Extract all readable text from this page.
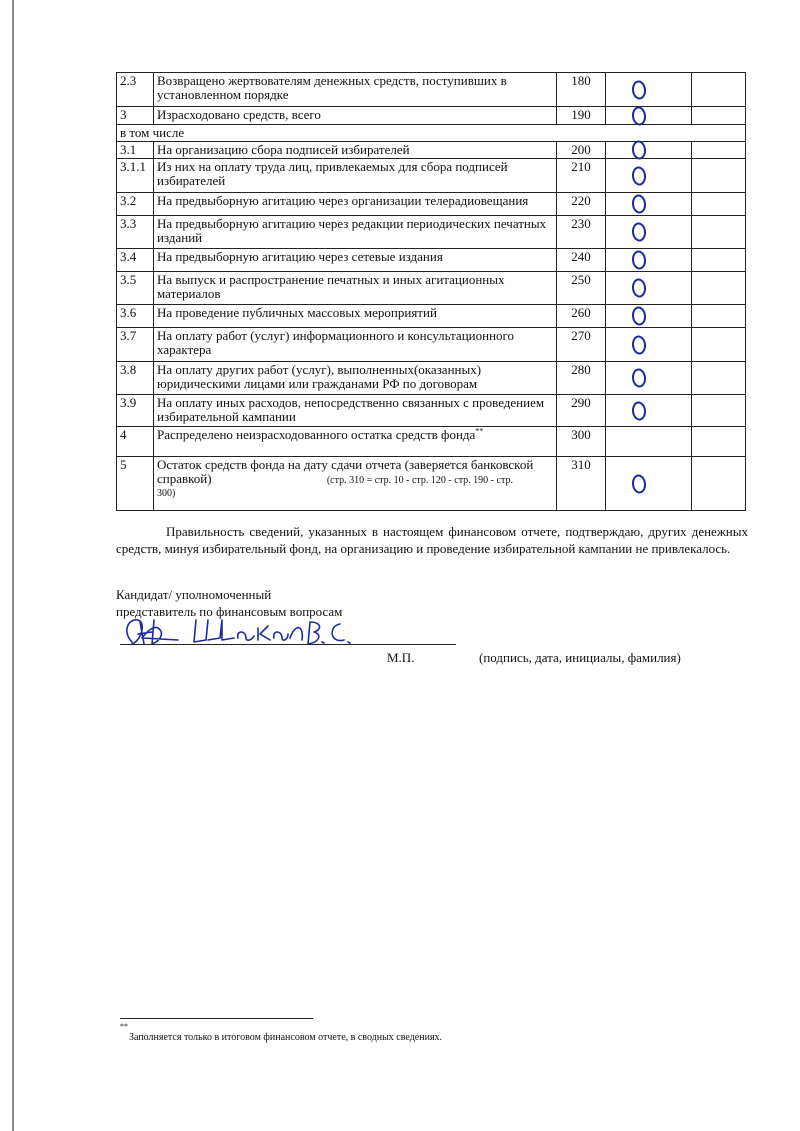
2.3	Возвращено жертвователям денежных средств, поступивших в установленном порядке	180	

3	Израсходовано средств, всего	190	

в том числе				
3.1	На организацию сбора подписей избирателей	200	

3.1.1	Из них на оплату труда лиц, привлекаемых для сбора подписей избирателей	210	

3.2	На предвыборную агитацию через организации телерадиовещания	220	

3.3	На предвыборную агитацию через редакции периодических печатных изданий	230	

3.4	На предвыборную агитацию через сетевые издания	240	

3.5	На выпуск и распространение печатных и иных агитационных материалов	250	

3.6	На проведение публичных массовых мероприятий	260	

3.7	На оплату работ (услуг) информационного и консультационного характера	270	

3.8	На оплату других работ (услуг), выполненных(оказанных) юридическими лицами или гражданами РФ по договорам	280	

3.9	На оплату иных расходов, непосредственно связанных с проведением избирательной кампании	290	

4	Распределено неизрасходованного остатка средств фонда**	300		
5	Остаток средств фонда на дату сдачи отчета (заверяется банковской справкой) (стр. 310 = стр. 10 - стр. 120 - стр. 190 - стр.
300)	310	

Правильность сведений, указанных в настоящем финансовом отчете, подтверждаю, других денежных средств, минуя избирательный фонд, на организацию и проведение избирательной кампании не привлекалось.

Кандидат/ уполномоченный
представитель по финансовым вопросам
М.П.	(подпись, дата, инициалы, фамилия)
**
Заполняется только в итоговом финансовом отчете, в сводных сведениях.
